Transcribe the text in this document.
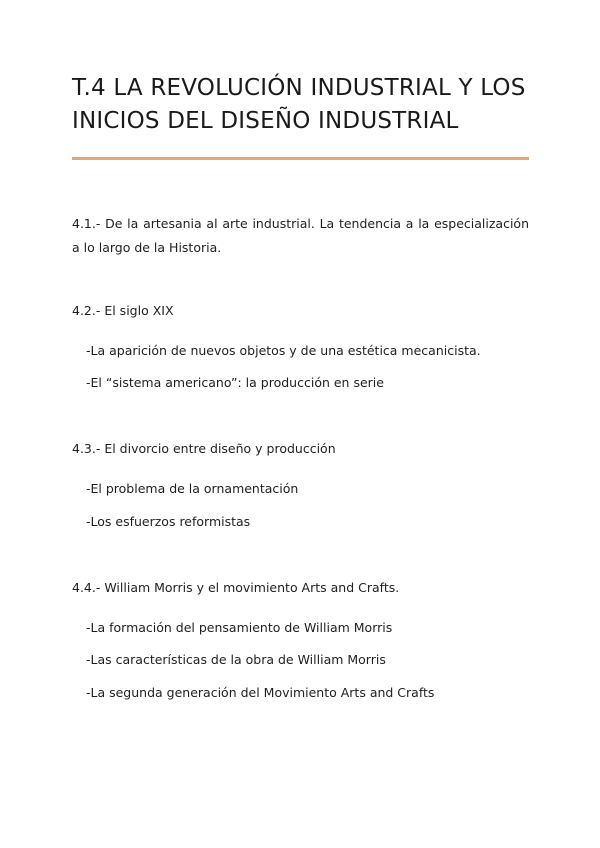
T.4 LA REVOLUCIÓN INDUSTRIAL Y LOS
INICIOS DEL DISEÑO INDUSTRIAL

4.1.- De la artesania al arte industrial. La tendencia a la especialización a lo largo de la Historia.

4.2.- El siglo XIX

-La aparición de nuevos objetos y de una estética mecanicista.

-El “sistema americano”: la producción en serie

4.3.- El divorcio entre diseño y producción

-El problema de la ornamentación

-Los esfuerzos reformistas

4.4.- William Morris y el movimiento Arts and Crafts.

-La formación del pensamiento de William Morris

-Las características de la obra de William Morris

-La segunda generación del Movimiento Arts and Crafts
